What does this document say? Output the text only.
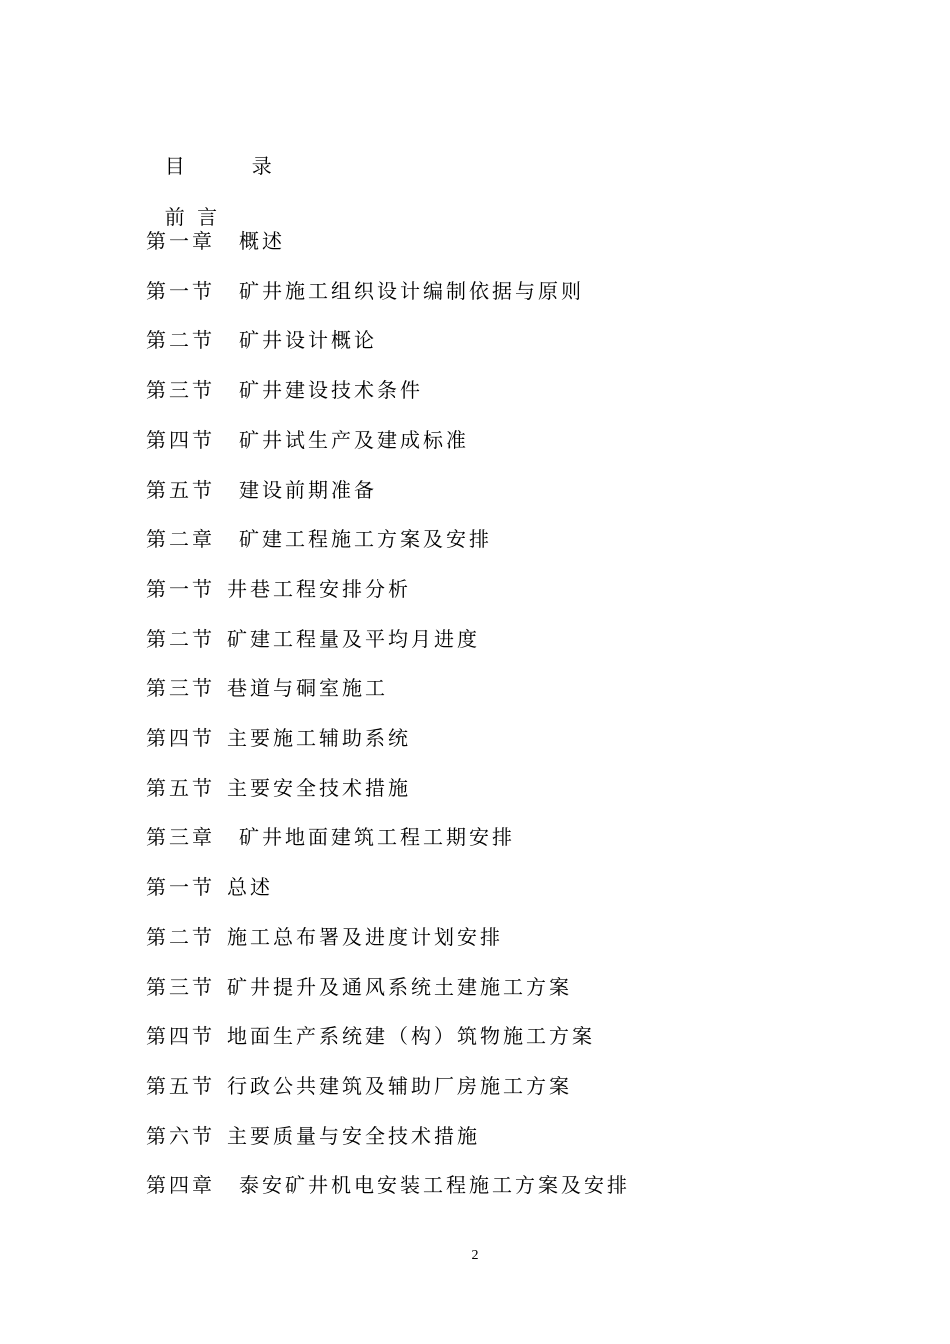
目	录

前 言

第一章 概述
第一节 矿井施工组织设计编制依据与原则
第二节 矿井设计概论
第三节 矿井建设技术条件
第四节 矿井试生产及建成标准
第五节 建设前期准备
第二章 矿建工程施工方案及安排
第一节 井巷工程安排分析
第二节 矿建工程量及平均月进度
第三节 巷道与硐室施工
第四节 主要施工辅助系统
第五节 主要安全技术措施
第三章 矿井地面建筑工程工期安排
第一节 总述
第二节 施工总布署及进度计划安排
第三节 矿井提升及通风系统土建施工方案
第四节 地面生产系统建（构）筑物施工方案
第五节 行政公共建筑及辅助厂房施工方案
第六节 主要质量与安全技术措施
第四章 泰安矿井机电安装工程施工方案及安排
2
